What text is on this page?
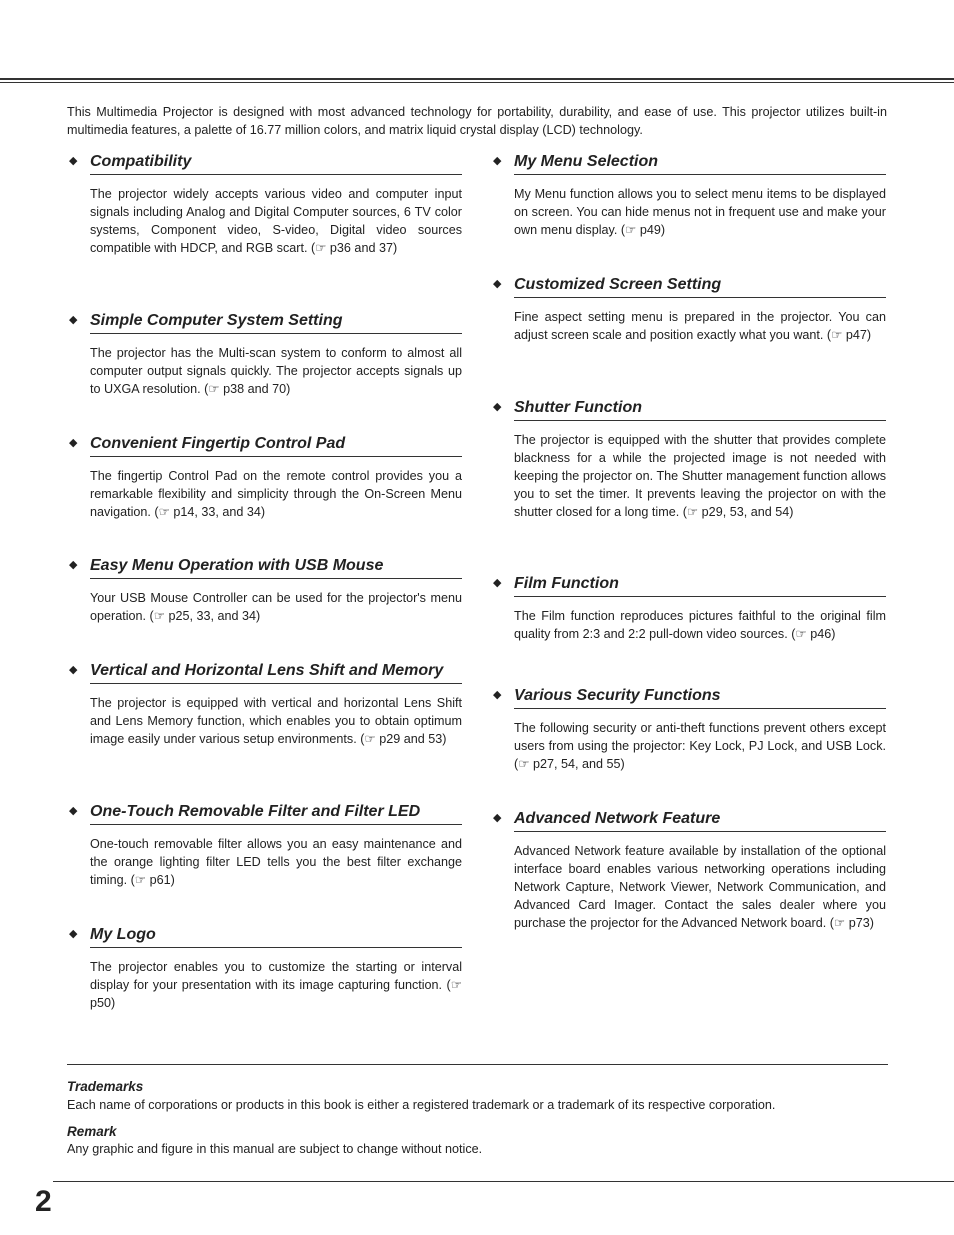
This Multimedia Projector is designed with most advanced technology for portability, durability, and ease of use. This projector utilizes built-in multimedia features, a palette of 16.77 million colors, and matrix liquid crystal display (LCD) technology.

◆ Compatibility
The projector widely accepts various video and computer input signals including Analog and Digital Computer sources, 6 TV color systems, Component video, S-video, Digital video sources compatible with HDCP, and RGB scart. (☞ p36 and 37)
◆ Simple Computer System Setting
The projector has the Multi-scan system to conform to almost all computer output signals quickly. The projector accepts signals up to UXGA resolution. (☞ p38 and 70)
◆ Convenient Fingertip Control Pad
The fingertip Control Pad on the remote control provides you a remarkable flexibility and simplicity through the On-Screen Menu navigation. (☞ p14, 33, and 34)
◆ Easy Menu Operation with USB Mouse
Your USB Mouse Controller can be used for the projector's menu operation. (☞ p25, 33, and 34)
◆ Vertical and Horizontal Lens Shift and Memory
The projector is equipped with vertical and horizontal Lens Shift and Lens Memory function, which enables you to obtain optimum image easily under various setup environments. (☞ p29 and 53)
◆ One-Touch Removable Filter and Filter LED
One-touch removable filter allows you an easy maintenance and the orange lighting filter LED tells you the best filter exchange timing. (☞ p61)
◆ My Logo
The projector enables you to customize the starting or interval display for your presentation with its image capturing function. (☞ p50)
◆ My Menu Selection
My Menu function allows you to select menu items to be displayed on screen. You can hide menus not in frequent use and make your own menu display. (☞ p49)
◆ Customized Screen Setting
Fine aspect setting menu is prepared in the projector. You can adjust screen scale and position exactly what you want. (☞ p47)
◆ Shutter Function
The projector is equipped with the shutter that provides complete blackness for a while the projected image is not needed with keeping the projector on. The Shutter management function allows you to set the timer. It prevents leaving the projector on with the shutter closed for a long time. (☞ p29, 53, and 54)
◆ Film Function
The Film function reproduces pictures faithful to the original film quality from 2:3 and 2:2 pull-down video sources. (☞ p46)
◆ Various Security Functions
The following security or anti-theft functions prevent others except users from using the projector: Key Lock, PJ Lock, and USB Lock. (☞ p27, 54, and 55)
◆ Advanced Network Feature
Advanced Network feature available by installation of the optional interface board enables various networking operations including Network Capture, Network Viewer, Network Communication, and Advanced Card Imager. Contact the sales dealer where you purchase the projector for the Advanced Network board. (☞ p73)

Trademarks

Each name of corporations or products in this book is either a registered trademark or a trademark of its respective corporation.

Remark

Any graphic and figure in this manual are subject to change without notice.

2
